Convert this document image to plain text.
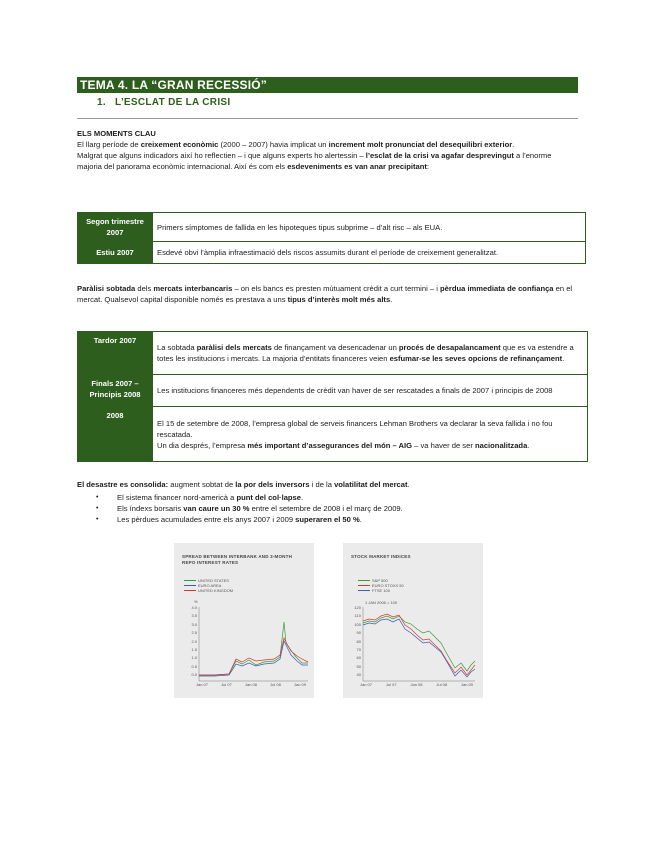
TEMA 4. LA “GRAN RECESSIÓ”
1. L’ESCLAT DE LA CRISI
ELS MOMENTS CLAU
El llarg període de creixement econòmic (2000 – 2007) havia implicat un increment molt pronunciat del desequilibri exterior.
Malgrat que alguns indicadors així ho reflectien – i que alguns experts ho alertessin – l’esclat de la crisi va agafar desprevingut a l’enorme majoria del panorama econòmic internacional. Així és com els esdeveniments es van anar precipitant:
Segon trimestre 2007	Primers símptomes de fallida en les hipoteques tipus subprime – d’alt risc – als EUA.
Estiu 2007	Esdevé obvi l’àmplia infraestimació dels riscos assumits durant el període de creixement generalitzat.
Paràlisi sobtada dels mercats interbancaris – on els bancs es presten mútuament crèdit a curt termini – i pèrdua immediata de confiança en el mercat. Qualsevol capital disponible només es prestava a uns tipus d’interès molt més alts.
Tardor 2007	La sobtada paràlisi dels mercats de finançament va desencadenar un procés de desapalancament que es va estendre a totes les institucions i mercats. La majoria d’entitats financeres veien esfumar-se les seves opcions de refinançament.
Finals 2007 – Principis 2008	Les institucions financeres més dependents de crèdit van haver de ser rescatades a finals de 2007 i principis de 2008
2008	El 15 de setembre de 2008, l’empresa global de serveis financers Lehman Brothers va declarar la seva fallida i no fou rescatada.
Un dia després, l’empresa més important d’assegurances del món – AIG – va haver de ser nacionalitzada.
El desastre es consolida: augment sobtat de la por dels inversors i de la volatilitat del mercat.
• El sistema financer nord-americà a punt del col·lapse.
• Els índexs borsaris van caure un 30 % entre el setembre de 2008 i el març de 2009.
• Les pèrdues acumulades entre els anys 2007 i 2009 superaren el 50 %.
SPREAD BETWEEN INTERBANK AND 3-MONTH REPO INTEREST RATES
UNITED STATES
EURO AREA
UNITED KINGDOM
%
4.0
3.5
3.0
2.5
2.0
1.5
1.0
0.5
0.0
Jan 07	Jul 07	Jan 08	Jul 08	Jan 09
STOCK MARKET INDICES
S&P 500
EURO STOXX 50
FTSE 100
1 JAN 2006 = 100
120
110
100
90
80
70
60
50
40
Jan 07	Jul 07	Jan 08	Jul 08	Jan 09
